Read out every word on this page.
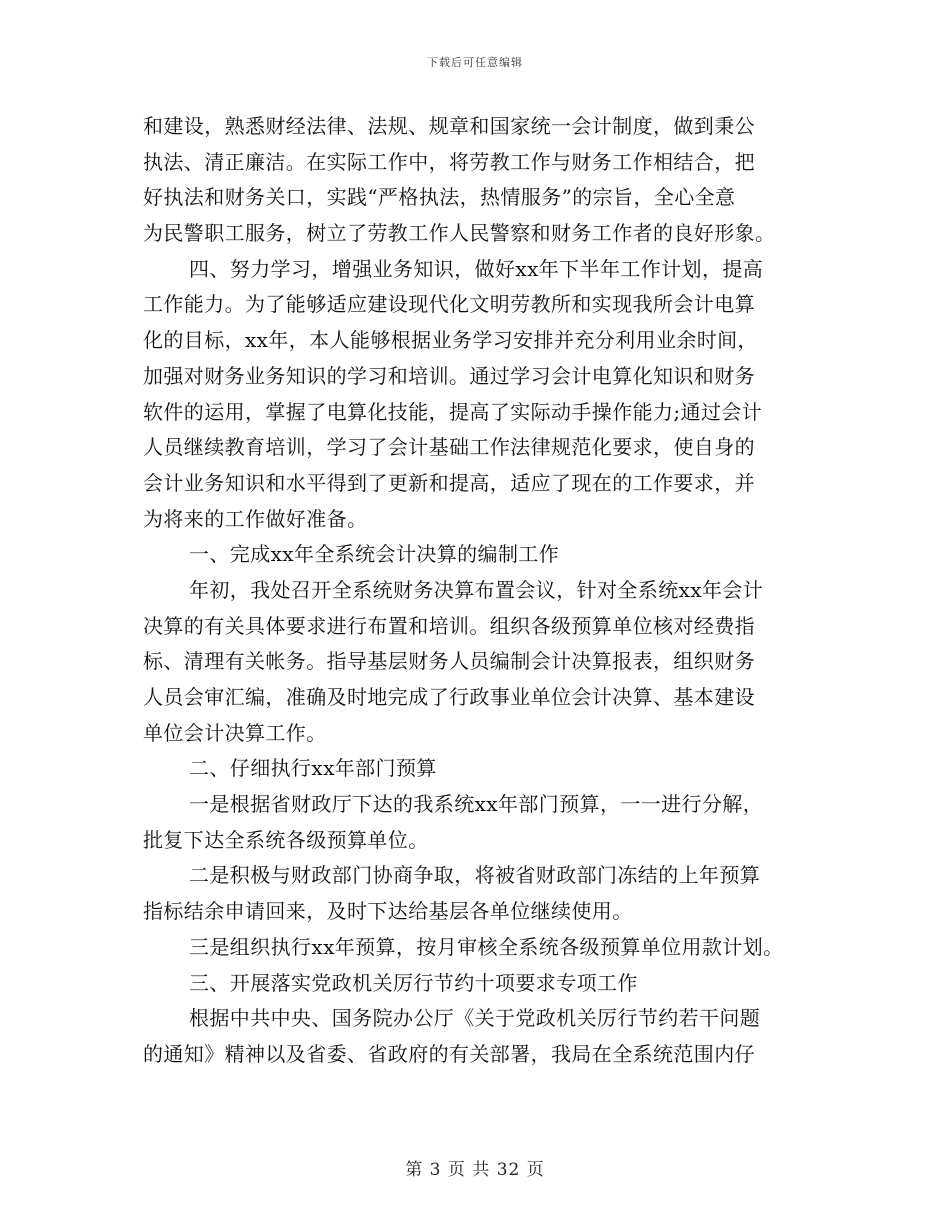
下载后可任意编辑
和建设，熟悉财经法律、法规、规章和国家统一会计制度，做到秉公
执法、清正廉洁。在实际工作中，将劳教工作与财务工作相结合，把
好执法和财务关口，实践“严格执法，热情服务”的宗旨，全心全意
为民警职工服务，树立了劳教工作人民警察和财务工作者的良好形象。
四、努力学习，增强业务知识，做好xx年下半年工作计划，提高
工作能力。为了能够适应建设现代化文明劳教所和实现我所会计电算
化的目标，xx年，本人能够根据业务学习安排并充分利用业余时间，
加强对财务业务知识的学习和培训。通过学习会计电算化知识和财务
软件的运用，掌握了电算化技能，提高了实际动手操作能力;通过会计
人员继续教育培训，学习了会计基础工作法律规范化要求，使自身的
会计业务知识和水平得到了更新和提高，适应了现在的工作要求，并
为将来的工作做好准备。
一、完成xx年全系统会计决算的编制工作
年初，我处召开全系统财务决算布置会议，针对全系统xx年会计
决算的有关具体要求进行布置和培训。组织各级预算单位核对经费指
标、清理有关帐务。指导基层财务人员编制会计决算报表，组织财务
人员会审汇编，准确及时地完成了行政事业单位会计决算、基本建设
单位会计决算工作。
二、仔细执行xx年部门预算
一是根据省财政厅下达的我系统xx年部门预算，一一进行分解，
批复下达全系统各级预算单位。
二是积极与财政部门协商争取，将被省财政部门冻结的上年预算
指标结余申请回来，及时下达给基层各单位继续使用。
三是组织执行xx年预算，按月审核全系统各级预算单位用款计划。
三、开展落实党政机关厉行节约十项要求专项工作
根据中共中央、国务院办公厅《关于党政机关厉行节约若干问题
的通知》精神以及省委、省政府的有关部署，我局在全系统范围内仔
第 3 页 共 32 页
